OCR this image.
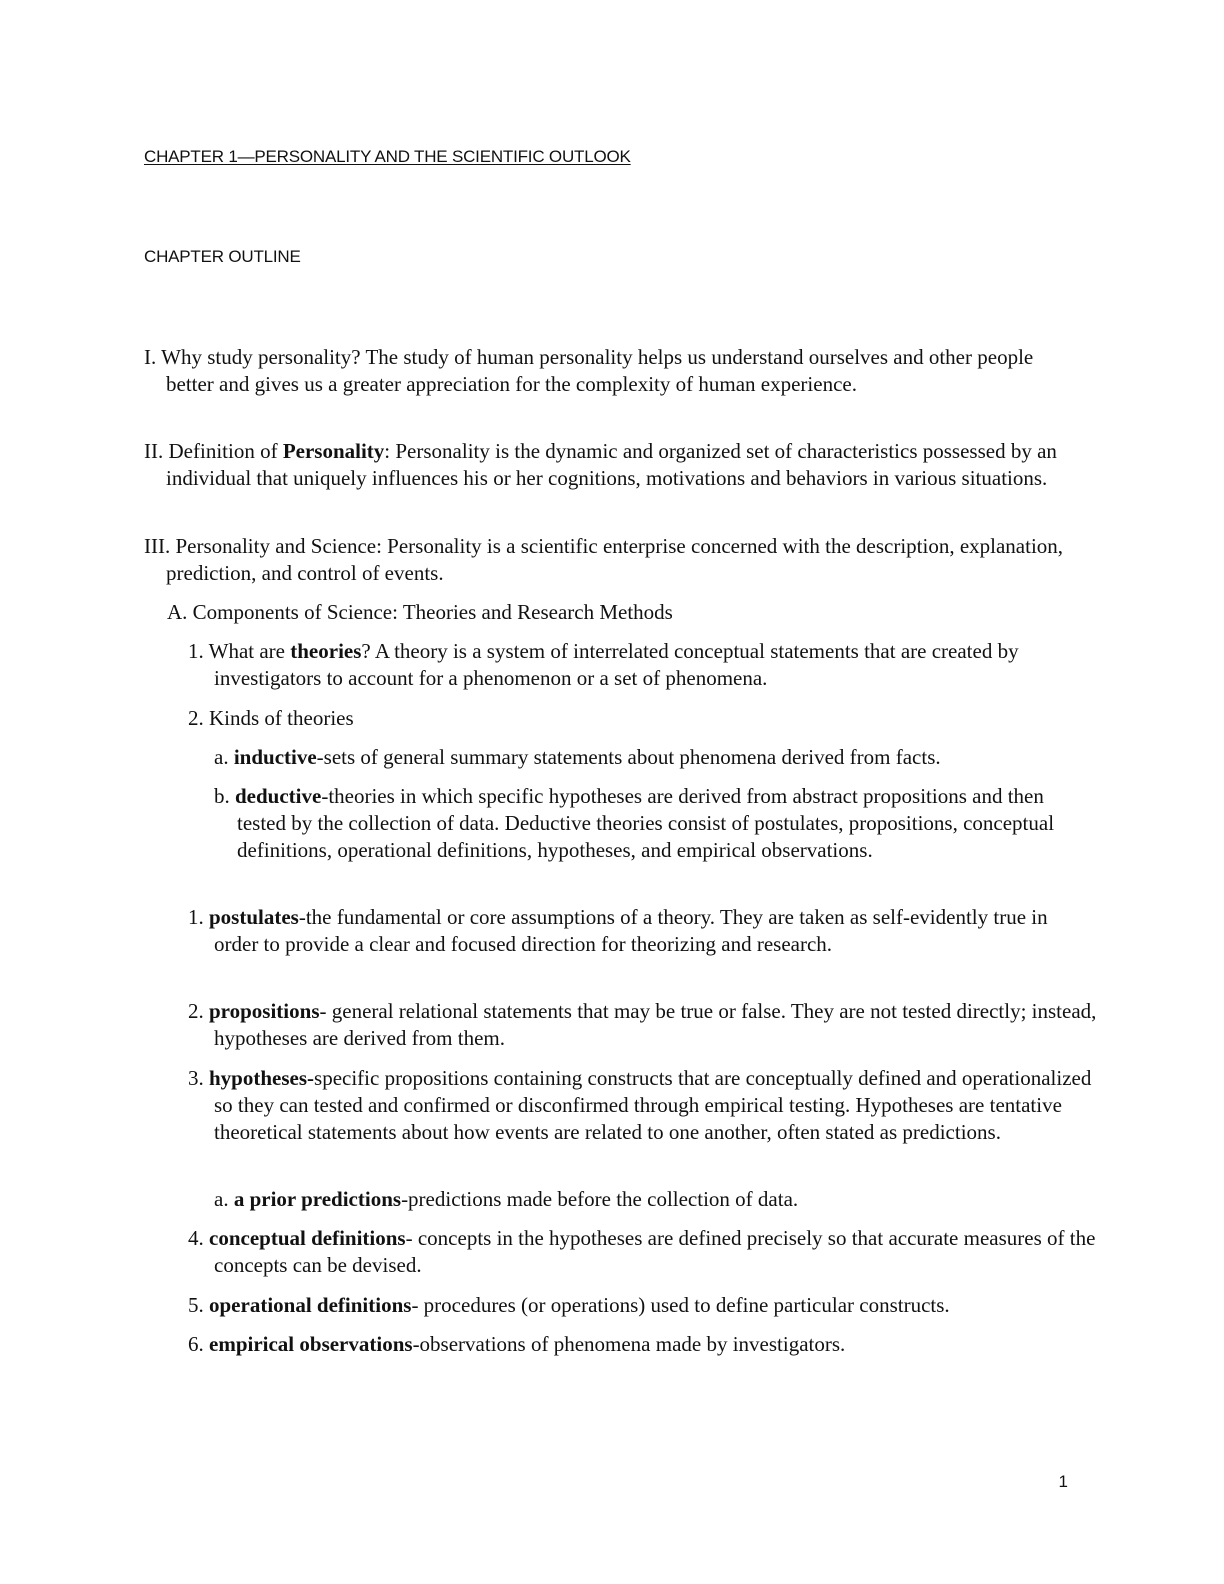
CHAPTER 1—PERSONALITY AND THE SCIENTIFIC OUTLOOK

CHAPTER OUTLINE

I. Why study personality? The study of human personality helps us understand ourselves and other people better and gives us a greater appreciation for the complexity of human experience.

II. Definition of Personality: Personality is the dynamic and organized set of characteristics possessed by an individual that uniquely influences his or her cognitions, motivations and behaviors in various situations.

III. Personality and Science: Personality is a scientific enterprise concerned with the description, explanation, prediction, and control of events.

A. Components of Science: Theories and Research Methods

1. What are theories? A theory is a system of interrelated conceptual statements that are created by investigators to account for a phenomenon or a set of phenomena.

2. Kinds of theories

a. inductive-sets of general summary statements about phenomena derived from facts.

b. deductive-theories in which specific hypotheses are derived from abstract propositions and then tested by the collection of data. Deductive theories consist of postulates, propositions, conceptual definitions, operational definitions, hypotheses, and empirical observations.

1. postulates-the fundamental or core assumptions of a theory. They are taken as self-evidently true in order to provide a clear and focused direction for theorizing and research.

2. propositions- general relational statements that may be true or false. They are not tested directly; instead, hypotheses are derived from them.

3. hypotheses-specific propositions containing constructs that are conceptually defined and operationalized so they can tested and confirmed or disconfirmed through empirical testing. Hypotheses are tentative theoretical statements about how events are related to one another, often stated as predictions.

a. a prior predictions-predictions made before the collection of data.

4. conceptual definitions- concepts in the hypotheses are defined precisely so that accurate measures of the concepts can be devised.

5. operational definitions- procedures (or operations) used to define particular constructs.

6. empirical observations-observations of phenomena made by investigators.

1
